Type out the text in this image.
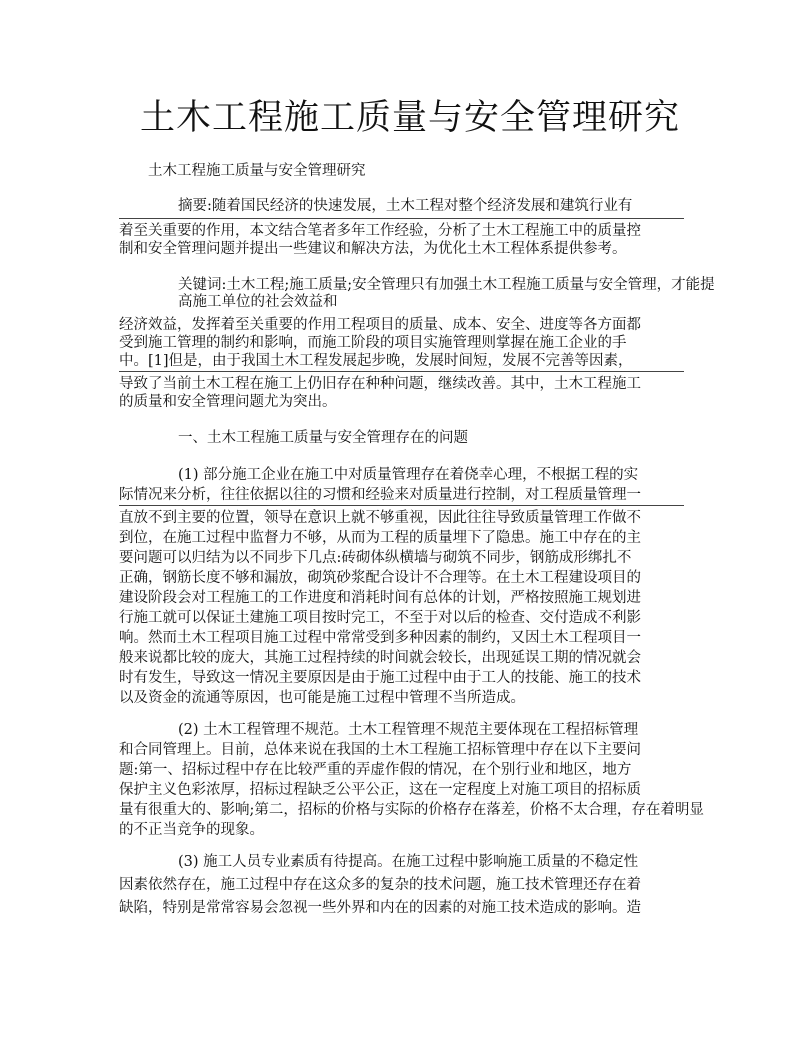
土木工程施工质量与安全管理研究
土木工程施工质量与安全管理研究
摘要:随着国民经济的快速发展，土木工程对整个经济发展和建筑行业有
着至关重要的作用，本文结合笔者多年工作经验，分析了土木工程施工中的质量控
制和安全管理问题并提出一些建议和解决方法，为优化土木工程体系提供参考。
关键词:土木工程;施工质量;安全管理只有加强土木工程施工质量与安全管理，才能提
高施工单位的社会效益和
经济效益，发挥着至关重要的作用工程项目的质量、成本、安全、进度等各方面都
受到施工管理的制约和影响，而施工阶段的项目实施管理则掌握在施工企业的手
中。[1]但是，由于我国土木工程发展起步晚，发展时间短，发展不完善等因素，
导致了当前土木工程在施工上仍旧存在种种问题，继续改善。其中，土木工程施工
的质量和安全管理问题尤为突出。
一、土木工程施工质量与安全管理存在的问题
(1) 部分施工企业在施工中对质量管理存在着侥幸心理，不根据工程的实
际情况来分析，往往依据以往的习惯和经验来对质量进行控制，对工程质量管理一
直放不到主要的位置，领导在意识上就不够重视，因此往往导致质量管理工作做不
到位，在施工过程中监督力不够，从而为工程的质量埋下了隐患。施工中存在的主
要问题可以归结为以不同步下几点:砖砌体纵横墙与砌筑不同步，钢筋成形绑扎不
正确，钢筋长度不够和漏放，砌筑砂浆配合设计不合理等。在土木工程建设项目的
建设阶段会对工程施工的工作进度和消耗时间有总体的计划，严格按照施工规划进
行施工就可以保证土建施工项目按时完工，不至于对以后的检查、交付造成不利影
响。然而土木工程项目施工过程中常常受到多种因素的制约，又因土木工程项目一
般来说都比较的庞大，其施工过程持续的时间就会较长，出现延误工期的情况就会
时有发生，导致这一情况主要原因是由于施工过程中由于工人的技能、施工的技术
以及资金的流通等原因，也可能是施工过程中管理不当所造成。
(2) 土木工程管理不规范。土木工程管理不规范主要体现在工程招标管理
和合同管理上。目前，总体来说在我国的土木工程施工招标管理中存在以下主要问
题:第一、招标过程中存在比较严重的弄虚作假的情况，在个别行业和地区，地方
保护主义色彩浓厚，招标过程缺乏公平公正，这在一定程度上对施工项目的招标质
量有很重大的、影响;第二，招标的价格与实际的价格存在落差，价格不太合理，存在着明显
的不正当竞争的现象。
(3) 施工人员专业素质有待提高。在施工过程中影响施工质量的不稳定性
因素依然存在，施工过程中存在这众多的复杂的技术问题，施工技术管理还存在着
缺陷，特别是常常容易会忽视一些外界和内在的因素的对施工技术造成的影响。造
